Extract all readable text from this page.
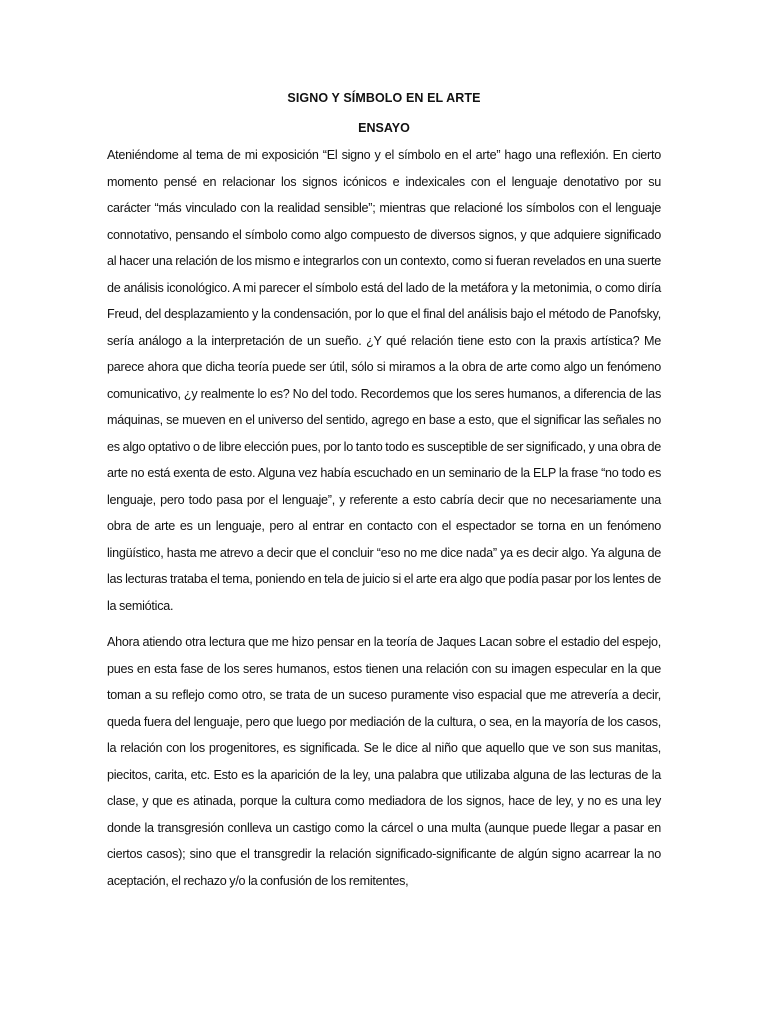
SIGNO Y SÍMBOLO EN EL ARTE
ENSAYO

Ateniéndome al tema de mi exposición “El signo y el símbolo en el arte” hago una reflexión. En cierto momento pensé en relacionar los signos icónicos e indexicales con el lenguaje denotativo por su carácter “más vinculado con la realidad sensible”; mientras que relacioné los símbolos con el lenguaje connotativo, pensando el símbolo como algo compuesto de diversos signos, y que adquiere significado al hacer una relación de los mismo e integrarlos con un contexto, como si fueran revelados en una suerte de análisis iconológico. A mi parecer el símbolo está del lado de la metáfora y la metonimia, o como diría Freud, del desplazamiento y la condensación, por lo que el final del análisis bajo el método de Panofsky, sería análogo a la interpretación de un sueño. ¿Y qué relación tiene esto con la praxis artística? Me parece ahora que dicha teoría puede ser útil, sólo si miramos a la obra de arte como algo un fenómeno comunicativo, ¿y realmente lo es? No del todo. Recordemos que los seres humanos, a diferencia de las máquinas, se mueven en el universo del sentido, agrego en base a esto, que el significar las señales no es algo optativo o de libre elección pues, por lo tanto todo es susceptible de ser significado, y una obra de arte no está exenta de esto. Alguna vez había escuchado en un seminario de la ELP la frase “no todo es lenguaje, pero todo pasa por el lenguaje”, y referente a esto cabría decir que no necesariamente una obra de arte es un lenguaje, pero al entrar en contacto con el espectador se torna en un fenómeno lingüístico, hasta me atrevo a decir que el concluir “eso no me dice nada” ya es decir algo. Ya alguna de las lecturas trataba el tema, poniendo en tela de juicio si el arte era algo que podía pasar por los lentes de la semiótica.

Ahora atiendo otra lectura que me hizo pensar en la teoría de Jaques Lacan sobre el estadio del espejo, pues en esta fase de los seres humanos, estos tienen una relación con su imagen especular en la que toman a su reflejo como otro, se trata de un suceso puramente viso espacial que me atrevería a decir, queda fuera del lenguaje, pero que luego por mediación de la cultura, o sea, en la mayoría de los casos, la relación con los progenitores, es significada. Se le dice al niño que aquello que ve son sus manitas, piecitos, carita, etc. Esto es la aparición de la ley, una palabra que utilizaba alguna de las lecturas de la clase, y que es atinada, porque la cultura como mediadora de los signos, hace de ley, y no es una ley donde la transgresión conlleva un castigo como la cárcel o una multa (aunque puede llegar a pasar en ciertos casos); sino que el transgredir la relación significado-significante de algún signo acarrear la no aceptación, el rechazo y/o la confusión de los remitentes,
